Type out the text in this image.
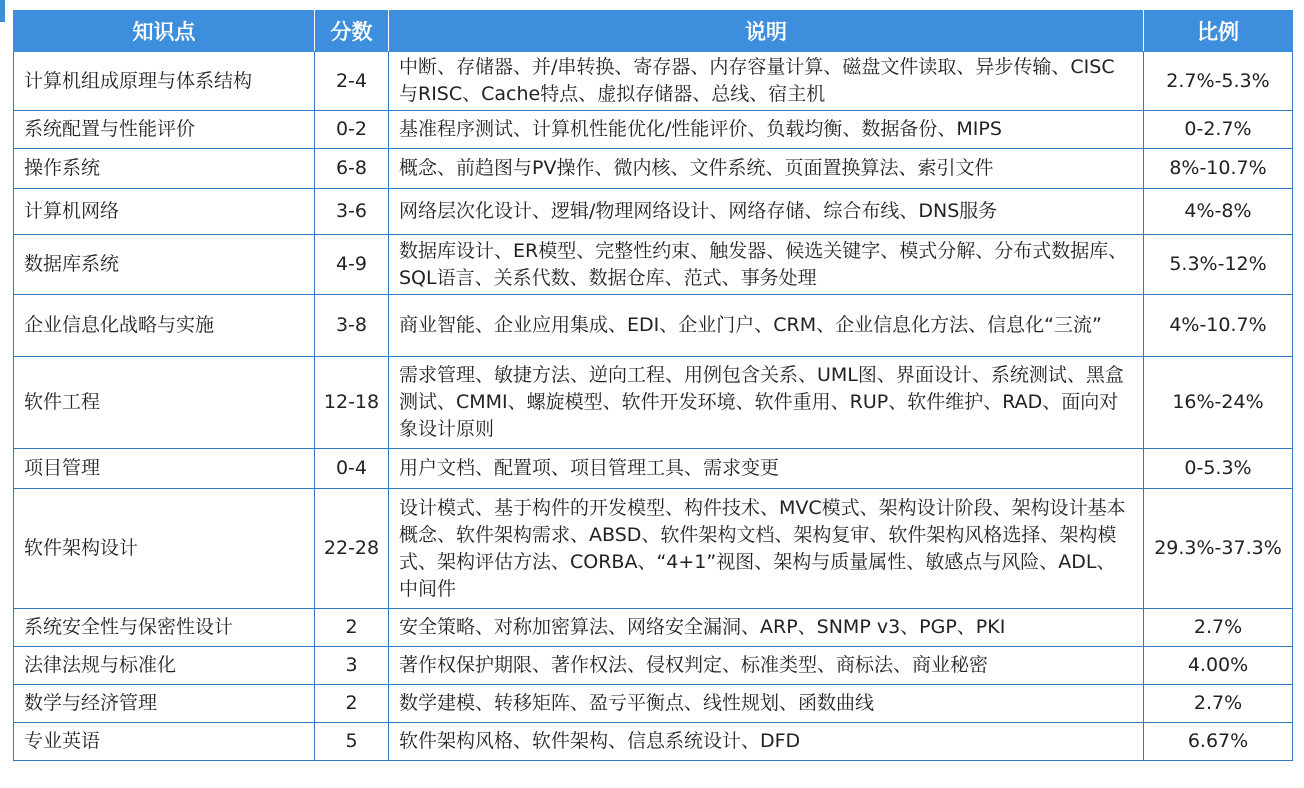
知识点	分数	说明	比例
计算机组成原理与体系结构	2-4	中断、存储器、并/串转换、寄存器、内存容量计算、磁盘文件读取、异步传输、CISC与RISC、Cache特点、虚拟存储器、总线、宿主机	2.7%-5.3%
系统配置与性能评价	0-2	基准程序测试、计算机性能优化/性能评价、负载均衡、数据备份、MIPS	0-2.7%
操作系统	6-8	概念、前趋图与PV操作、微内核、文件系统、页面置换算法、索引文件	8%-10.7%
计算机网络	3-6	网络层次化设计、逻辑/物理网络设计、网络存储、综合布线、DNS服务	4%-8%
数据库系统	4-9	数据库设计、ER模型、完整性约束、触发器、候选关键字、模式分解、分布式数据库、SQL语言、关系代数、数据仓库、范式、事务处理	5.3%-12%
企业信息化战略与实施	3-8	商业智能、企业应用集成、EDI、企业门户、CRM、企业信息化方法、信息化“三流”	4%-10.7%
软件工程	12-18	需求管理、敏捷方法、逆向工程、用例包含关系、UML图、界面设计、系统测试、黑盒测试、CMMI、螺旋模型、软件开发环境、软件重用、RUP、软件维护、RAD、面向对象设计原则	16%-24%
项目管理	0-4	用户文档、配置项、项目管理工具、需求变更	0-5.3%
软件架构设计	22-28	设计模式、基于构件的开发模型、构件技术、MVC模式、架构设计阶段、架构设计基本概念、软件架构需求、ABSD、软件架构文档、架构复审、软件架构风格选择、架构模式、架构评估方法、CORBA、“4+1”视图、架构与质量属性、敏感点与风险、ADL、中间件	29.3%-37.3%
系统安全性与保密性设计	2	安全策略、对称加密算法、网络安全漏洞、ARP、SNMP v3、PGP、PKI	2.7%
法律法规与标准化	3	著作权保护期限、著作权法、侵权判定、标准类型、商标法、商业秘密	4.00%
数学与经济管理	2	数学建模、转移矩阵、盈亏平衡点、线性规划、函数曲线	2.7%
专业英语	5	软件架构风格、软件架构、信息系统设计、DFD	6.67%
